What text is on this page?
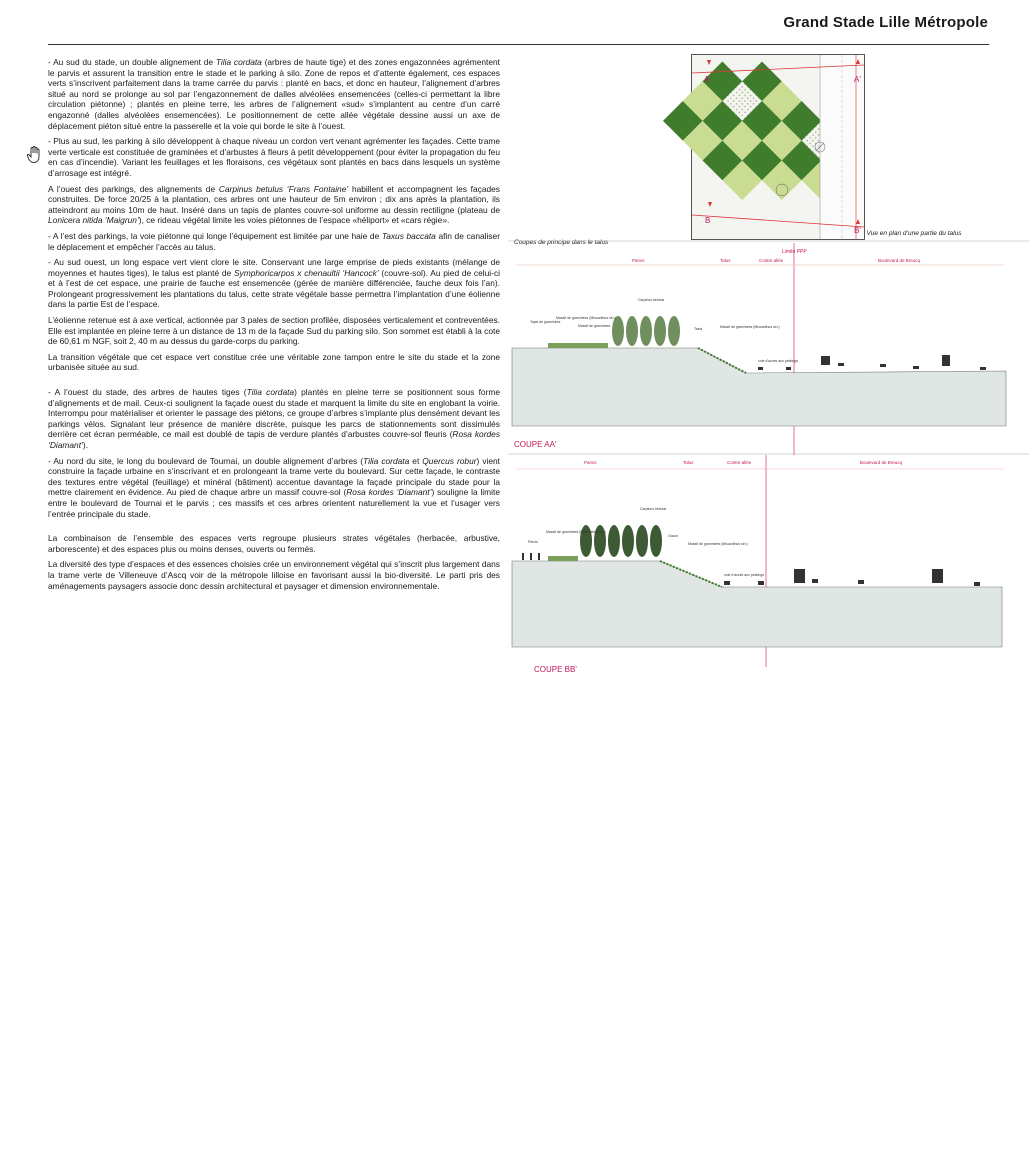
Grand Stade Lille Métropole

- Au sud du stade, un double alignement de Tilia cordata (arbres de haute tige) et des zones engazonnées agrémentent le parvis et assurent la transition entre le stade et le parking à silo. Zone de repos et d’attente également, ces espaces verts s’inscrivent parfaitement dans la trame carrée du parvis : planté en bacs, et donc en hauteur, l’alignement d’arbres situé au nord se prolonge au sol par l’engazonnement de dalles alvéolées ensemencées (celles-ci permettant la libre circulation piétonne) ; plantés en pleine terre, les arbres de l’alignement «sud» s’implantent au centre d’un carré engazonné (dalles alvéolées ensemencées). Le positionnement de cette allée végétale dessine aussi un axe de déplacement piéton situé entre la passerelle et la voie qui borde le site à l’ouest.

- Plus au sud, les parking à silo développent à chaque niveau un cordon vert venant agrémenter les façades. Cette trame verte verticale est constituée de graminées et d’arbustes à fleurs à petit développement (pour éviter la propagation du feu en cas d’incendie). Variant les feuillages et les floraisons, ces végétaux sont plantés en bacs dans lesquels un système d’arrosage est intégré.

A l’ouest des parkings, des alignements de Carpinus betulus ‘Frans Fontaine’ habillent et accompagnent les façades construites. De force 20/25 à la plantation, ces arbres ont une hauteur de 5m environ ; dix ans après la plantation, ils atteindront au moins 10m de haut. Inséré dans un tapis de plantes couvre-sol uniforme au dessin rectiligne (plateau de Lonicera nitida ‘Maigrun’), ce rideau végétal limite les voies piétonnes de l’espace «héliport» et «cars régie».

- A l’est des parkings, la voie piétonne qui longe l’équipement est limitée par une haie de Taxus baccata afin de canaliser le déplacement et empêcher l’accès au talus.

- Au sud ouest, un long espace vert vient clore le site. Conservant une large emprise de pieds existants (mélange de moyennes et hautes tiges), le talus est planté de Symphoricarpos x chenaultii ‘Hancock’ (couvre-sol). Au pied de celui-ci et à l’est de cet espace, une prairie de fauche est ensemencée (gérée de manière différenciée, fauche deux fois l’an). Prolongeant progressivement les plantations du talus, cette strate végétale basse permettra l’implantation d’une éolienne dans la partie Est de l’espace.

L’éolienne retenue est à axe vertical, actionnée par 3 pales de section profilée, disposées verticalement et contreventées. Elle est implantée en pleine terre à un distance de 13 m de la façade Sud du parking silo. Son sommet est établi à la cote de 60,61 m NGF, soit 2, 40 m au dessus du garde-corps du parking.

La transition végétale que cet espace vert constitue crée une véritable zone tampon entre le site du stade et la zone urbanisée située au sud.

- A l’ouest du stade, des arbres de hautes tiges (Tilia cordata) plantés en pleine terre se positionnent sous forme d’alignements et de mail. Ceux-ci soulignent la façade ouest du stade et marquent la limite du site en englobant la voirie. Interrompu pour matérialiser et orienter le passage des piétons, ce groupe d’arbres s’implante plus densément devant les parkings vélos. Signalant leur présence de manière discrète, puisque les parcs de stationnements sont dissimulés derrière cet écran perméable, ce mail est doublé de tapis de verdure plantés d’arbustes couvre-sol fleuris (Rosa kordes ‘Diamant’).

- Au nord du site, le long du boulevard de Tournai, un double alignement d’arbres (Tilia cordata et Quercus robur) vient construire la façade urbaine en s’inscrivant et en prolongeant la trame verte du boulevard. Sur cette façade, le contraste des textures entre végétal (feuillage) et minéral (bâtiment) accentue davantage la façade principale du stade pour la mettre clairement en évidence. Au pied de chaque arbre un massif couvre-sol (Rosa kordes ‘Diamant’) souligne la limite entre le boulevard de Tournai et le parvis ; ces massifs et ces arbres orientent naturellement la vue et l’usager vers l’entrée principale du stade.

La combinaison de l’ensemble des espaces verts regroupe plusieurs strates végétales (herbacée, arbustive, arborescente) et des espaces plus ou moins denses, ouverts ou fermés.

La diversité des type d’espaces et des essences choisies crée un environnement végétal qui s’inscrit plus largement dans la trame verte de Villeneuve d’Ascq voir de la métropole lilloise en favorisant aussi la bio-diversité. Le parti pris des aménagements paysagers associe donc dessin architectural et paysager et dimension environnementale.

A	A'
B
B' Vue en plan d’une partie du talus
Coupes de principe dans le talus
Limite PPP
Parvis	Talus	Contre allée	Boulevard de Breucq
Tapis de graminées
Massif de graminées (Miscanthus sin.)
Massif de graminées
Carpinus betulus
Massif de graminées (Miscanthus sin.)
Talus
voie d’accès aux parkings
COUPE AA'
Parvis	Talus	Contre allée	Boulevard de Breucq
Carpinus betulus
Massif de graminées (Miscanthus sin.)
Parvis
Gazon
Massif de graminées (Miscanthus sin.)
voie d’accès aux parkings
COUPE BB'
